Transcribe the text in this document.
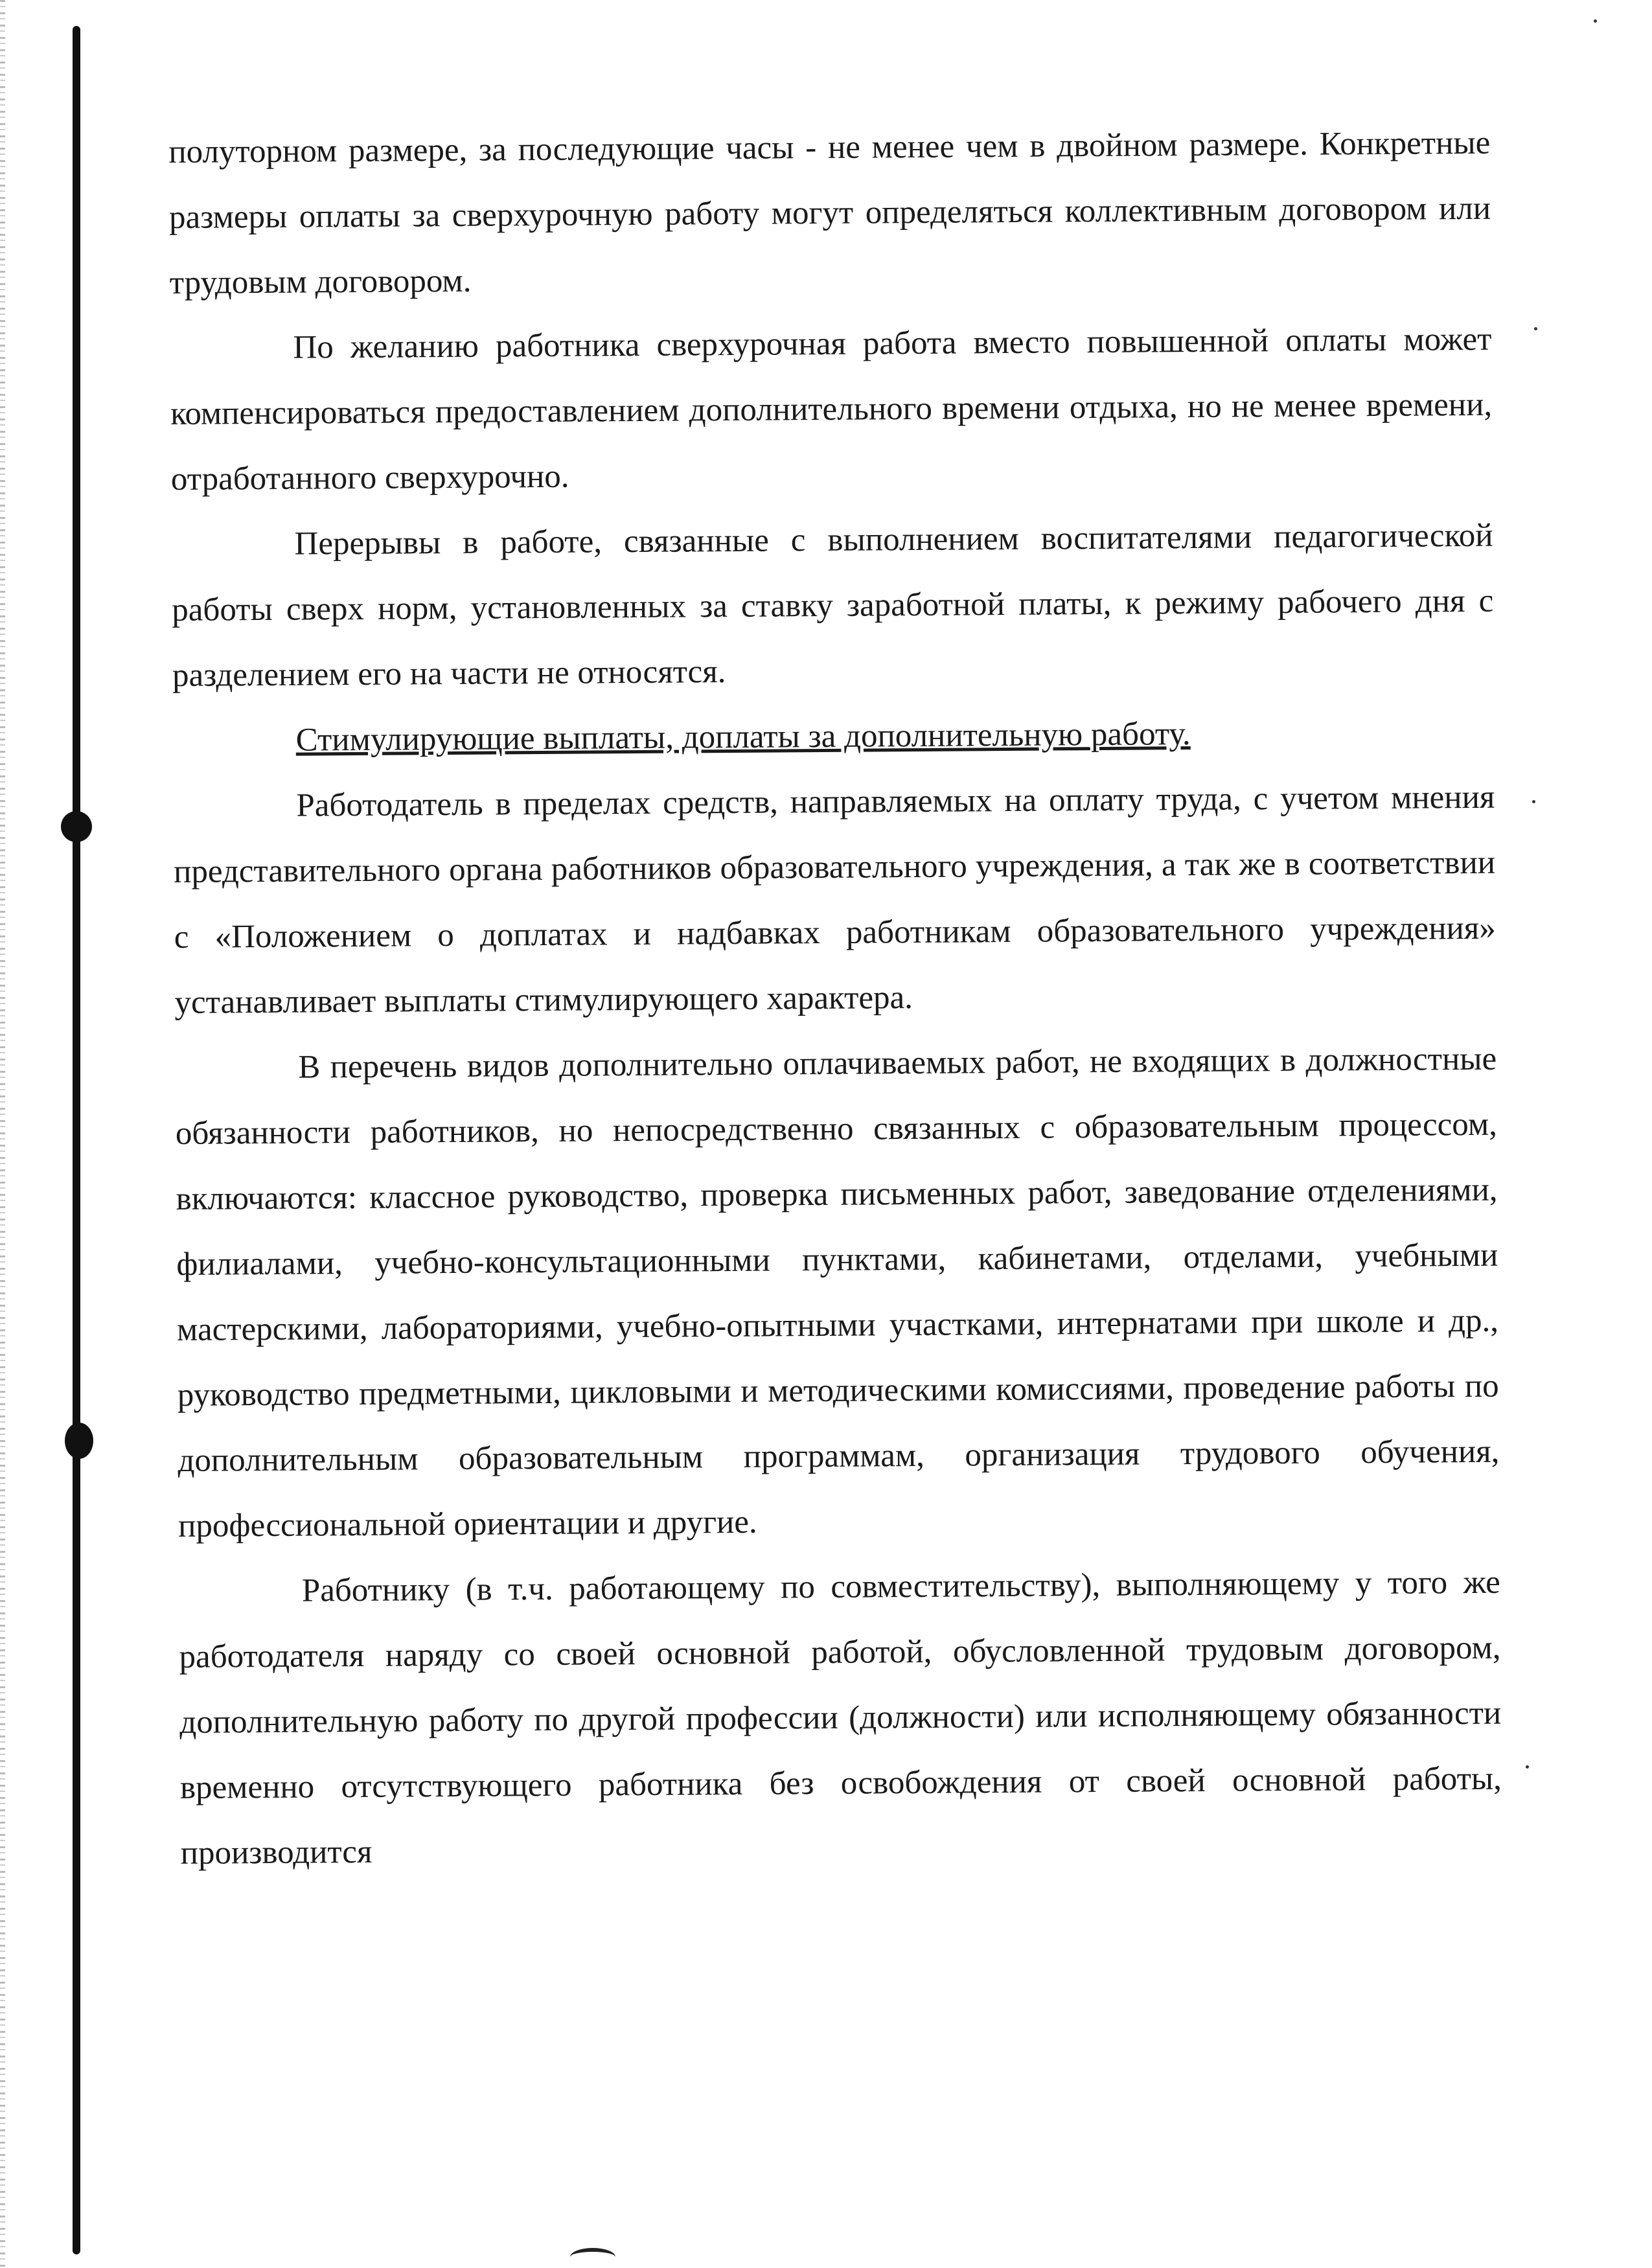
полуторном размере, за последующие часы - не менее чем в двойном размере. Конкретные размеры оплаты за сверхурочную работу могут определяться коллективным договором или трудовым договором.

По желанию работника сверхурочная работа вместо повышенной оплаты может компенсироваться предоставлением дополнительного времени отдыха, но не менее времени, отработанного сверхурочно.

Перерывы в работе, связанные с выполнением воспитателями педагогической работы сверх норм, установленных за ставку заработной платы, к режиму рабочего дня с разделением его на части не относятся.

Стимулирующие выплаты, доплаты за дополнительную работу.

Работодатель в пределах средств, направляемых на оплату труда, с учетом мнения представительного органа работников образовательного учреждения, а так же в соответствии с «Положением о доплатах и надбавках работникам образовательного учреждения» устанавливает выплаты стимулирующего характера.

В перечень видов дополнительно оплачиваемых работ, не входящих в должностные обязанности работников, но непосредственно связанных с образовательным процессом, включаются: классное руководство, проверка письменных работ, заведование отделениями, филиалами, учебно-консультационными пунктами, кабинетами, отделами, учебными мастерскими, лабораториями, учебно-опытными участками, интернатами при школе и др., руководство предметными, цикловыми и методическими комиссиями, проведение работы по дополнительным образовательным программам, организация трудового обучения, профессиональной ориентации и другие.

Работнику (в т.ч. работающему по совместительству), выполняющему у того же работодателя наряду со своей основной работой, обусловленной трудовым договором, дополнительную работу по другой профессии (должности) или исполняющему обязанности временно отсутствующего работника без освобождения от своей основной работы, производится
